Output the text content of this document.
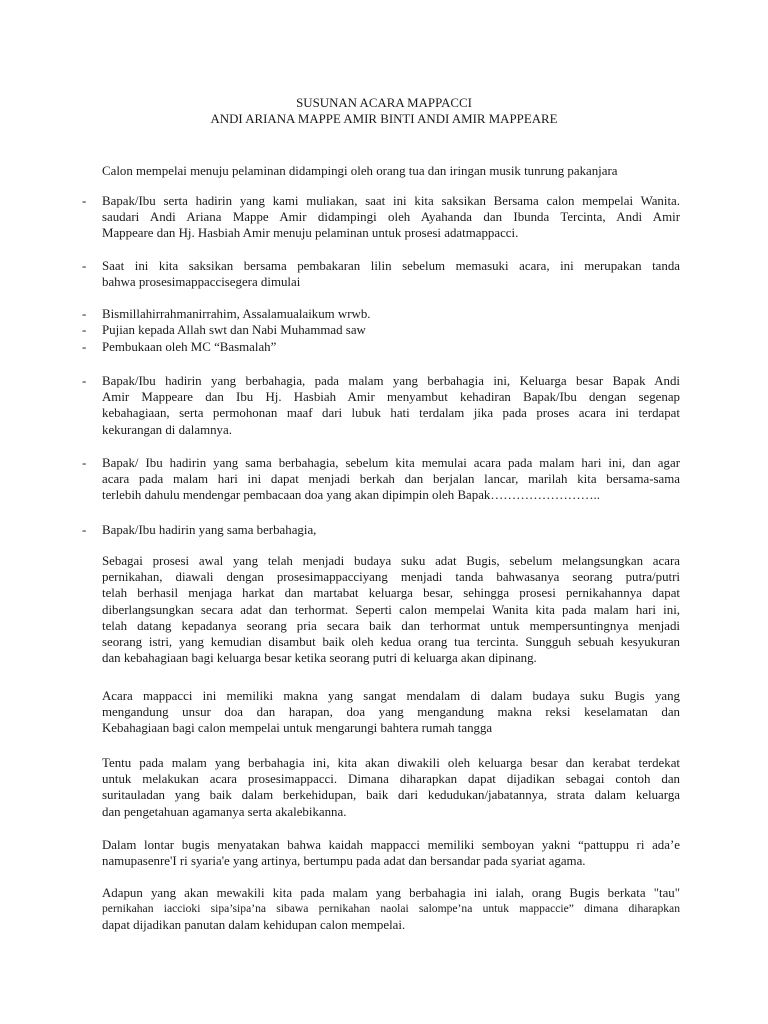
SUSUNAN ACARA MAPPACCI
ANDI ARIANA MAPPE AMIR BINTI ANDI AMIR MAPPEARE

Calon mempelai menuju pelaminan didampingi oleh orang tua dan iringan musik tunrung pakanjara

- Bapak/Ibu serta hadirin yang kami muliakan, saat ini kita saksikan Bersama calon mempelai Wanita.
saudari Andi Ariana Mappe Amir didampingi oleh Ayahanda dan Ibunda Tercinta, Andi Amir
Mappeare dan Hj. Hasbiah Amir menuju pelaminan untuk prosesi adatmappacci.

- Saat ini kita saksikan bersama pembakaran lilin sebelum memasuki acara, ini merupakan tanda
bahwa prosesimappaccisegera dimulai

- Bismillahirrahmanirrahim, Assalamualaikum wrwb.

- Pujian kepada Allah swt dan Nabi Muhammad saw

- Pembukaan oleh MC “Basmalah”

- Bapak/Ibu hadirin yang berbahagia, pada malam yang berbahagia ini, Keluarga besar Bapak Andi
Amir Mappeare dan Ibu Hj. Hasbiah Amir menyambut kehadiran Bapak/Ibu dengan segenap
kebahagiaan, serta permohonan maaf dari lubuk hati terdalam jika pada proses acara ini terdapat
kekurangan di dalamnya.

- Bapak/ Ibu hadirin yang sama berbahagia, sebelum kita memulai acara pada malam hari ini, dan agar
acara pada malam hari ini dapat menjadi berkah dan berjalan lancar, marilah kita bersama-sama
terlebih dahulu mendengar pembacaan doa yang akan dipimpin oleh Bapak……………………..

- Bapak/Ibu hadirin yang sama berbahagia,

Sebagai prosesi awal yang telah menjadi budaya suku adat Bugis, sebelum melangsungkan acara
pernikahan, diawali dengan prosesimappacciyang menjadi tanda bahwasanya seorang putra/putri
telah berhasil menjaga harkat dan martabat keluarga besar, sehingga prosesi pernikahannya dapat
diberlangsungkan secara adat dan terhormat. Seperti calon mempelai Wanita kita pada malam hari ini,
telah datang kepadanya seorang pria secara baik dan terhormat untuk mempersuntingnya menjadi
seorang istri, yang kemudian disambut baik oleh kedua orang tua tercinta. Sungguh sebuah kesyukuran
dan kebahagiaan bagi keluarga besar ketika seorang putri di keluarga akan dipinang.

Acara mappacci ini memiliki makna yang sangat mendalam di dalam budaya suku Bugis yang
mengandung unsur doa dan harapan, doa yang mengandung makna reksi keselamatan dan
Kebahagiaan bagi calon mempelai untuk mengarungi bahtera rumah tangga

Tentu pada malam yang berbahagia ini, kita akan diwakili oleh keluarga besar dan kerabat terdekat
untuk melakukan acara prosesimappacci. Dimana diharapkan dapat dijadikan sebagai contoh dan
suritauladan yang baik dalam berkehidupan, baik dari kedudukan/jabatannya, strata dalam keluarga
dan pengetahuan agamanya serta akalebikanna.

Dalam lontar bugis menyatakan bahwa kaidah mappacci memiliki semboyan yakni “pattuppu ri ada’e
namupasenre'I ri syaria'e yang artinya, bertumpu pada adat dan bersandar pada syariat agama.

Adapun yang akan mewakili kita pada malam yang berbahagia ini ialah, orang Bugis berkata "tau"
pernikahan iaccioki sipa’sipa’na sibawa pernikahan naolai salompe’na untuk mappaccie” dimana diharapkan
dapat dijadikan panutan dalam kehidupan calon mempelai.
